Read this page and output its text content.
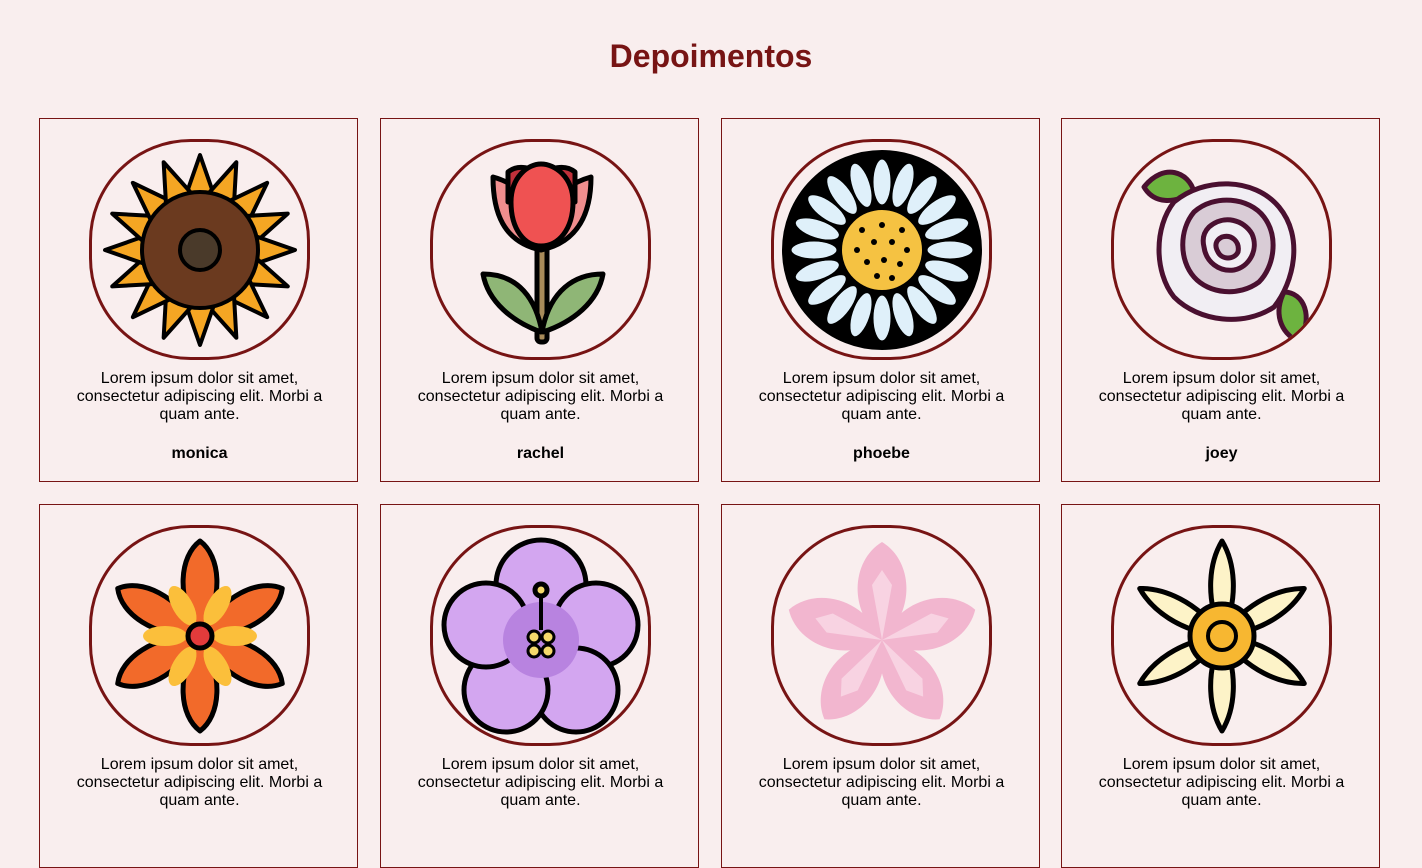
Depoimentos

Lorem ipsum dolor sit amet, consectetur adipiscing elit. Morbi a quam ante.

monica

Lorem ipsum dolor sit amet, consectetur adipiscing elit. Morbi a quam ante.

rachel

Lorem ipsum dolor sit amet, consectetur adipiscing elit. Morbi a quam ante.

phoebe

Lorem ipsum dolor sit amet, consectetur adipiscing elit. Morbi a quam ante.

joey

Lorem ipsum dolor sit amet, consectetur adipiscing elit. Morbi a quam ante.

Lorem ipsum dolor sit amet, consectetur adipiscing elit. Morbi a quam ante.

Lorem ipsum dolor sit amet, consectetur adipiscing elit. Morbi a quam ante.

Lorem ipsum dolor sit amet, consectetur adipiscing elit. Morbi a quam ante.
